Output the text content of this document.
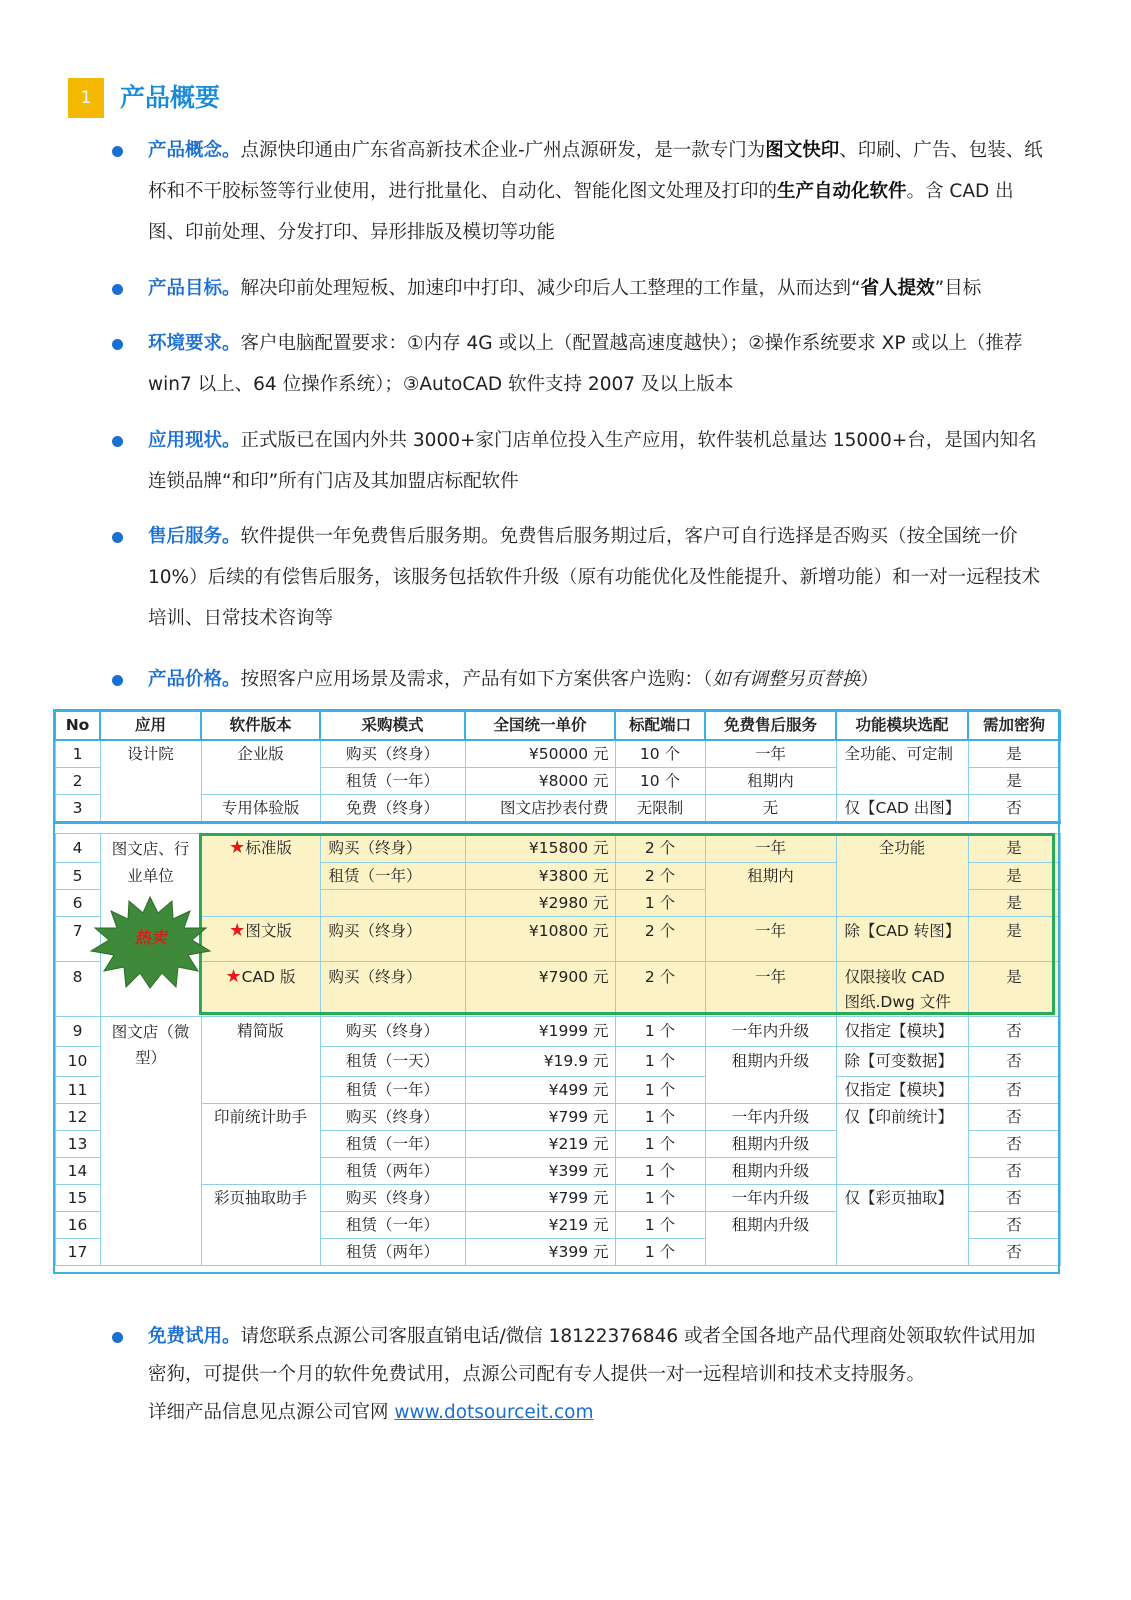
1	产品概要
产品概念。点源快印通由广东省高新技术企业-广州点源研发，是一款专门为图文快印、印刷、广告、包装、纸杯和不干胶标签等行业使用，进行批量化、自动化、智能化图文处理及打印的生产自动化软件。含 CAD 出图、印前处理、分发打印、异形排版及模切等功能
产品目标。解决印前处理短板、加速印中打印、减少印后人工整理的工作量，从而达到“省人提效”目标
环境要求。客户电脑配置要求：①内存 4G 或以上（配置越高速度越快）；②操作系统要求 XP 或以上（推荐 win7 以上、64 位操作系统）；③AutoCAD 软件支持 2007 及以上版本
应用现状。正式版已在国内外共 3000+家门店单位投入生产应用，软件装机总量达 15000+台，是国内知名连锁品牌“和印”所有门店及其加盟店标配软件
售后服务。软件提供一年免费售后服务期。免费售后服务期过后，客户可自行选择是否购买（按全国统一价 10%）后续的有偿售后服务，该服务包括软件升级（原有功能优化及性能提升、新增功能）和一对一远程技术培训、日常技术咨询等
产品价格。按照客户应用场景及需求，产品有如下方案供客户选购：（如有调整另页替换）
No	应用	软件版本	采购模式	全国统一单价	标配端口	免费售后服务	功能模块选配	需加密狗
1	设计院	企业版	购买（终身）	¥50000 元	10 个	一年	全功能、可定制	是
2			租赁（一年）	¥8000 元	10 个	租期内		是
3		专用体验版	免费（终身）	图文店抄表付费	无限制	无	仅【CAD 出图】	否

4	图文店、行业单位	★标准版	购买（终身）	¥15800 元	2 个	一年	全功能	是
5			租赁（一年）	¥3800 元	2 个	租期内		是
6				¥2980 元	1 个			是
7		★图文版	购买（终身）	¥10800 元	2 个	一年	除【CAD 转图】	是
8		★CAD 版	购买（终身）	¥7900 元	2 个	一年	仅限接收 CAD 图纸.Dwg 文件	是
9	图文店（微型）	精简版	购买（终身）	¥1999 元	1 个	一年内升级	仅指定【模块】	否
10			租赁（一天）	¥19.9 元	1 个	租期内升级	除【可变数据】	否
11			租赁（一年）	¥499 元	1 个		仅指定【模块】	否
12		印前统计助手	购买（终身）	¥799 元	1 个	一年内升级	仅【印前统计】	否
13			租赁（一年）	¥219 元	1 个	租期内升级		否
14			租赁（两年）	¥399 元	1 个	租期内升级		否
15		彩页抽取助手	购买（终身）	¥799 元	1 个	一年内升级	仅【彩页抽取】	否
16			租赁（一年）	¥219 元	1 个	租期内升级		否
17			租赁（两年）	¥399 元	1 个			否
热卖
免费试用。请您联系点源公司客服直销电话/微信 18122376846 或者全国各地产品代理商处领取软件试用加密狗，可提供一个月的软件免费试用，点源公司配有专人提供一对一远程培训和技术支持服务。
详细产品信息见点源公司官网 www.dotsourceit.com
